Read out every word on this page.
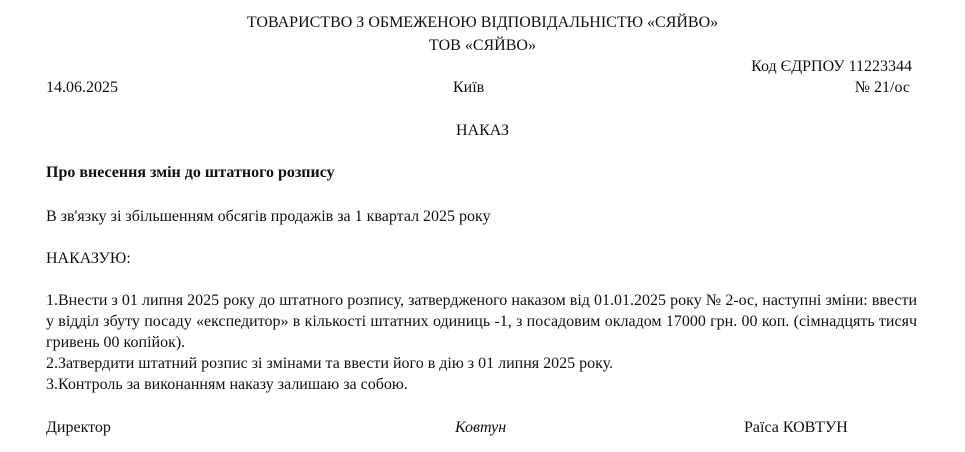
ТОВАРИСТВО З ОБМЕЖЕНОЮ ВІДПОВІДАЛЬНІСТЮ «СЯЙВО»
ТОВ «СЯЙВО»
Код ЄДРПОУ 11223344
14.06.2025	Київ	№ 21/ос
НАКАЗ
Про внесення змін до штатного розпису
В зв'язку зі збільшенням обсягів продажів за 1 квартал 2025 року
НАКАЗУЮ:
1.Внести з 01 липня 2025 року до штатного розпису, затвердженого наказом від 01.01.2025 року № 2-ос, наступні зміни: ввести у відділ збуту посаду «експедитор» в кількості штатних одиниць -1, з посадовим окладом 17000 грн. 00 коп. (сімнадцять тисяч гривень 00 копійок).
2.Затвердити штатний розпис зі змінами та ввести його в дію з 01 липня 2025 року.
3.Контроль за виконанням наказу залишаю за собою.
Директор	Ковтун	Раїса КОВТУН
